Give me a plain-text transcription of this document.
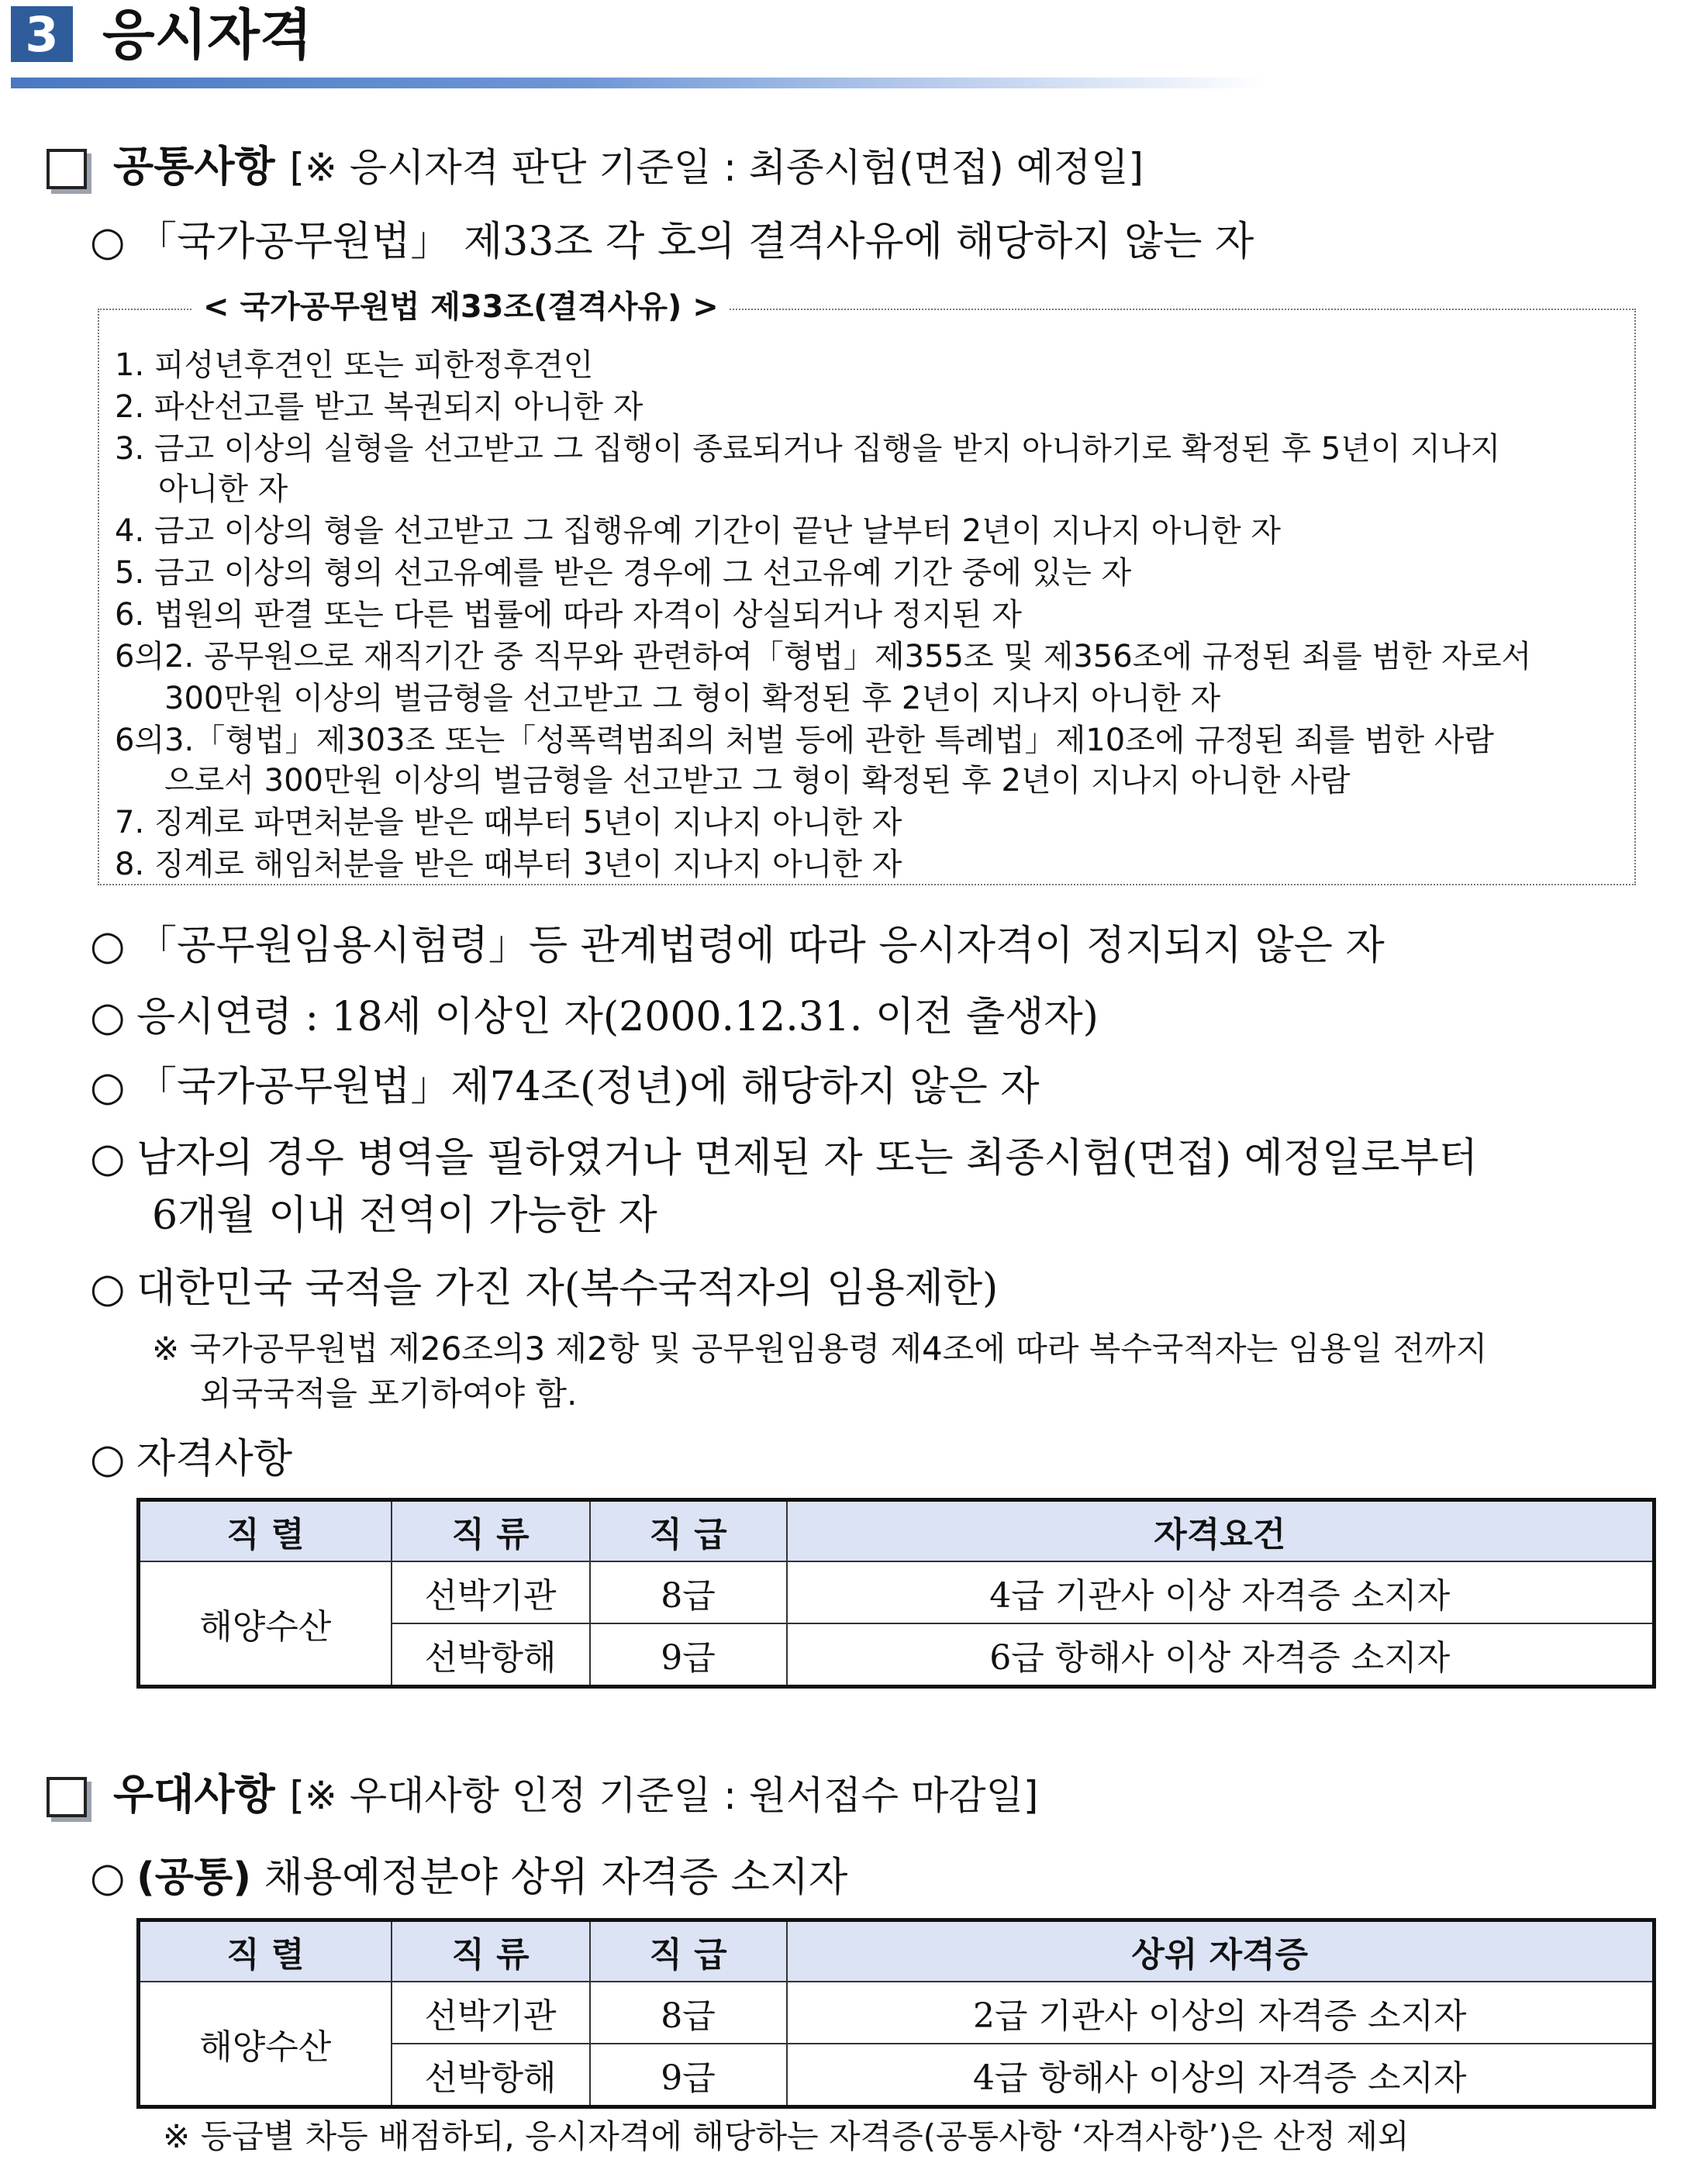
3 응시자격
공통사항 [※ 응시자격 판단 기준일 : 최종시험(면접) 예정일]
○ 「국가공무원법」 제33조 각 호의 결격사유에 해당하지 않는 자
< 국가공무원법 제33조(결격사유) >
1. 피성년후견인 또는 피한정후견인
2. 파산선고를 받고 복권되지 아니한 자
3. 금고 이상의 실형을 선고받고 그 집행이 종료되거나 집행을 받지 아니하기로 확정된 후 5년이 지나지
아니한 자
4. 금고 이상의 형을 선고받고 그 집행유예 기간이 끝난 날부터 2년이 지나지 아니한 자
5. 금고 이상의 형의 선고유예를 받은 경우에 그 선고유예 기간 중에 있는 자
6. 법원의 판결 또는 다른 법률에 따라 자격이 상실되거나 정지된 자
6의2. 공무원으로 재직기간 중 직무와 관련하여「형법」제355조 및 제356조에 규정된 죄를 범한 자로서
300만원 이상의 벌금형을 선고받고 그 형이 확정된 후 2년이 지나지 아니한 자
6의3.「형법」제303조 또는「성폭력범죄의 처벌 등에 관한 특례법」제10조에 규정된 죄를 범한 사람
으로서 300만원 이상의 벌금형을 선고받고 그 형이 확정된 후 2년이 지나지 아니한 사람
7. 징계로 파면처분을 받은 때부터 5년이 지나지 아니한 자
8. 징계로 해임처분을 받은 때부터 3년이 지나지 아니한 자
○ 「공무원임용시험령」등 관계법령에 따라 응시자격이 정지되지 않은 자
○ 응시연령 : 18세 이상인 자(2000.12.31. 이전 출생자)
○ 「국가공무원법」제74조(정년)에 해당하지 않은 자
○ 남자의 경우 병역을 필하였거나 면제된 자 또는 최종시험(면접) 예정일로부터
6개월 이내 전역이 가능한 자
○ 대한민국 국적을 가진 자(복수국적자의 임용제한)
※ 국가공무원법 제26조의3 제2항 및 공무원임용령 제4조에 따라 복수국적자는 임용일 전까지
외국국적을 포기하여야 함.
○ 자격사항
직 렬	직 류	직 급	자격요건
해양수산	선박기관	8급	4급 기관사 이상 자격증 소지자
	선박항해	9급	6급 항해사 이상 자격증 소지자
우대사항 [※ 우대사항 인정 기준일 : 원서접수 마감일]
○ (공통) 채용예정분야 상위 자격증 소지자
직 렬	직 류	직 급	상위 자격증
해양수산	선박기관	8급	2급 기관사 이상의 자격증 소지자
	선박항해	9급	4급 항해사 이상의 자격증 소지자
※ 등급별 차등 배점하되, 응시자격에 해당하는 자격증(공통사항 ‘자격사항’)은 산정 제외
